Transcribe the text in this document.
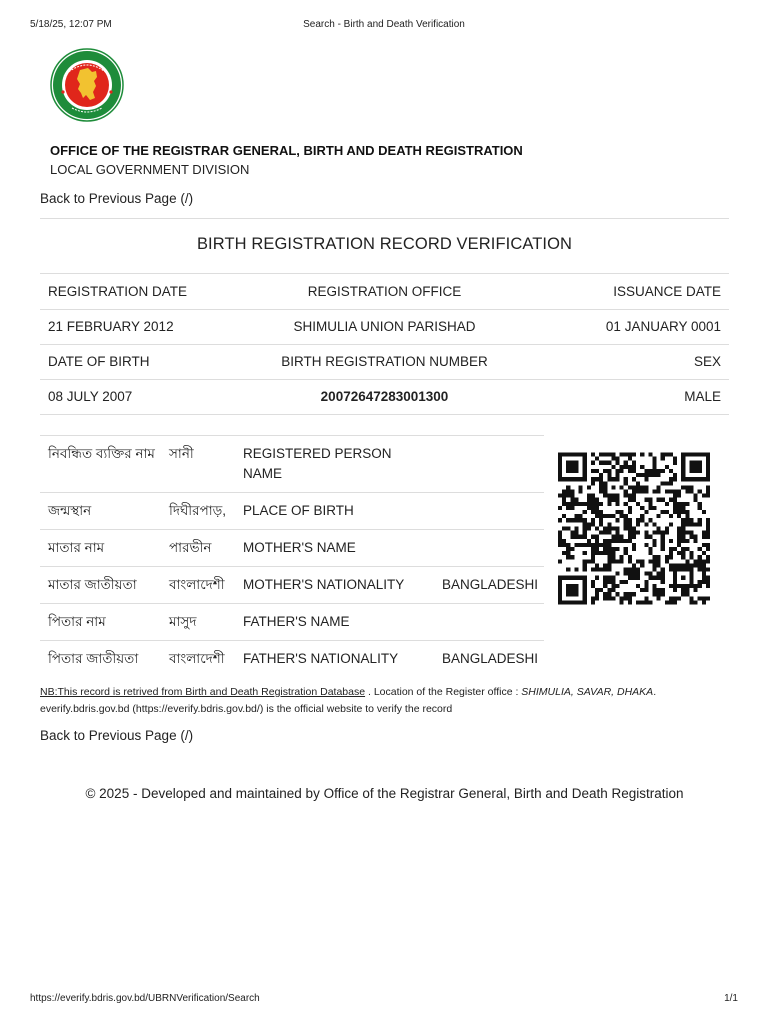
5/18/25, 12:07 PM	Search - Birth and Death Verification
OFFICE OF THE REGISTRAR GENERAL, BIRTH AND DEATH REGISTRATION
LOCAL GOVERNMENT DIVISION
Back to Previous Page (/)
BIRTH REGISTRATION RECORD VERIFICATION
REGISTRATION DATE	REGISTRATION OFFICE	ISSUANCE DATE
21 FEBRUARY 2012	SHIMULIA UNION PARISHAD	01 JANUARY 0001
DATE OF BIRTH	BIRTH REGISTRATION NUMBER	SEX
08 JULY 2007	20072647283001300	MALE
নিবন্ধিত ব্যক্তির নাম	সানী	REGISTERED PERSON NAME	
জন্মস্থান	দিঘীরপাড়,	PLACE OF BIRTH	
মাতার নাম	পারভীন	MOTHER'S NAME	
মাতার জাতীয়তা	বাংলাদেশী	MOTHER'S NATIONALITY	BANGLADESHI
পিতার নাম	মাসুদ	FATHER'S NAME	
পিতার জাতীয়তা	বাংলাদেশী	FATHER'S NATIONALITY	BANGLADESHI
NB:This record is retrived from Birth and Death Registration Database . Location of the Register office : SHIMULIA, SAVAR, DHAKA.
everify.bdris.gov.bd (https://everify.bdris.gov.bd/) is the official website to verify the record
Back to Previous Page (/)
© 2025 - Developed and maintained by Office of the Registrar General, Birth and Death Registration
https://everify.bdris.gov.bd/UBRNVerification/Search	1/1
